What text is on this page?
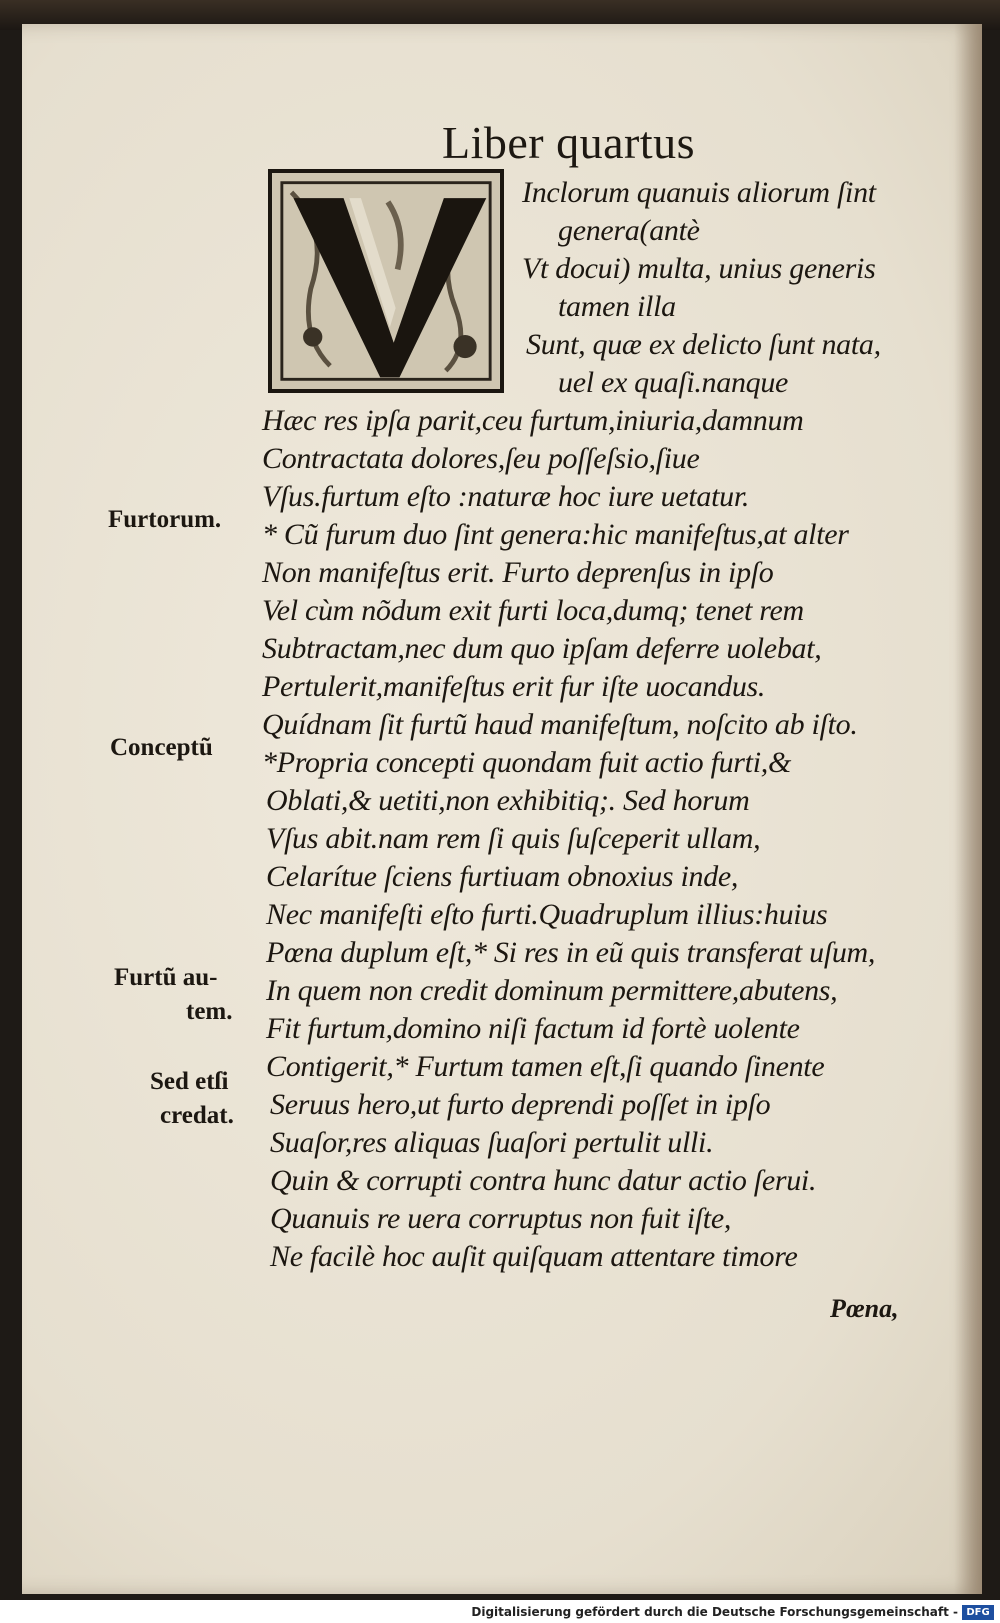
Liber quartus
Inclorum quanuis aliorum ſint
genera(antè
Vt docui) multa, unius generis
tamen illa
Sunt, quæ ex delicto ſunt nata,
uel ex quaſi.nanque
Hæc res ipſa parit,ceu furtum,iniuria,damnum
Contractata dolores,ſeu poſſeſsio,ſiue
Vſus.furtum eſto :naturæ hoc iure uetatur.
* Cũ furum duo ſint genera:hic manifeſtus,at alter
Non manifeſtus erit. Furto deprenſus in ipſo
Vel cùm nõdum exit furti loca,dumq; tenet rem
Subtractam,nec dum quo ipſam deferre uolebat,
Pertulerit,manifeſtus erit fur iſte uocandus.
Quídnam ſit furtũ haud manifeſtum, noſcito ab iſto.
*Propria concepti quondam fuit actio furti,&
Oblati,& uetiti,non exhibitiq;. Sed horum
Vſus abit.nam rem ſi quis ſuſceperit ullam,
Celarítue ſciens furtiuam obnoxius inde,
Nec manifeſti eſto furti.Quadruplum illius:huius
Pœna duplum eſt,* Si res in eũ quis transferat uſum,
In quem non credit dominum permittere,abutens,
Fit furtum,domino niſi factum id fortè uolente
Contigerit,* Furtum tamen eſt,ſi quando ſinente
Seruus hero,ut furto deprendi poſſet in ipſo
Suaſor,res aliquas ſuaſori pertulit ulli.
Quin & corrupti contra hunc datur actio ſerui.
Quanuis re uera corruptus non fuit iſte,
Ne facilè hoc auſit quiſquam attentare timore
Furtorum.
Conceptũ
Furtũ au-
tem.
Sed etſi
credat.
Pœna,
Digitalisierung gefördert durch die Deutsche Forschungsgemeinschaft - DFG
